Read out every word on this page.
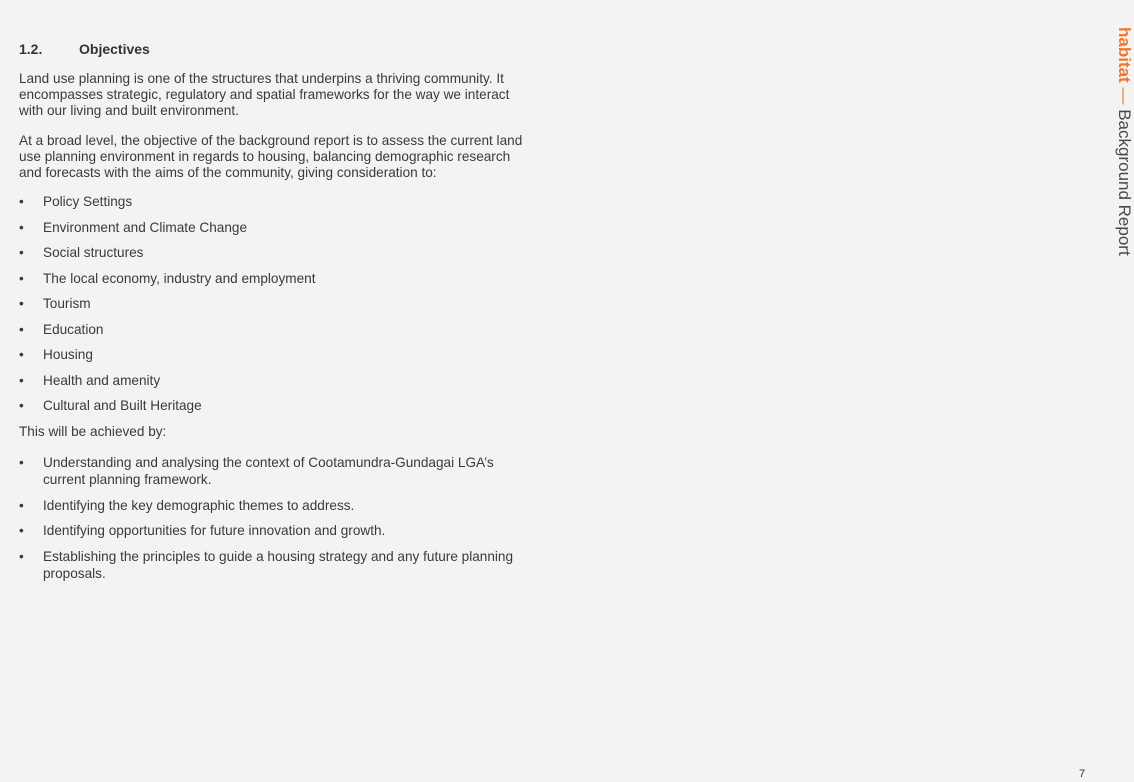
1.2.	Objectives

Land use planning is one of the structures that underpins a thriving community. It encompasses strategic, regulatory and spatial frameworks for the way we interact with our living and built environment.

At a broad level, the objective of the background report is to assess the current land use planning environment in regards to housing, balancing demographic research and forecasts with the aims of the community, giving consideration to:

• Policy Settings
• Environment and Climate Change
• Social structures
• The local economy, industry and employment
• Tourism
• Education
• Housing
• Health and amenity
• Cultural and Built Heritage

This will be achieved by:

• Understanding and analysing the context of Cootamundra-Gundagai LGA’s current planning framework.
• Identifying the key demographic themes to address.
• Identifying opportunities for future innovation and growth.
• Establishing the principles to guide a housing strategy and any future planning proposals.
habitat — Background Report
7
